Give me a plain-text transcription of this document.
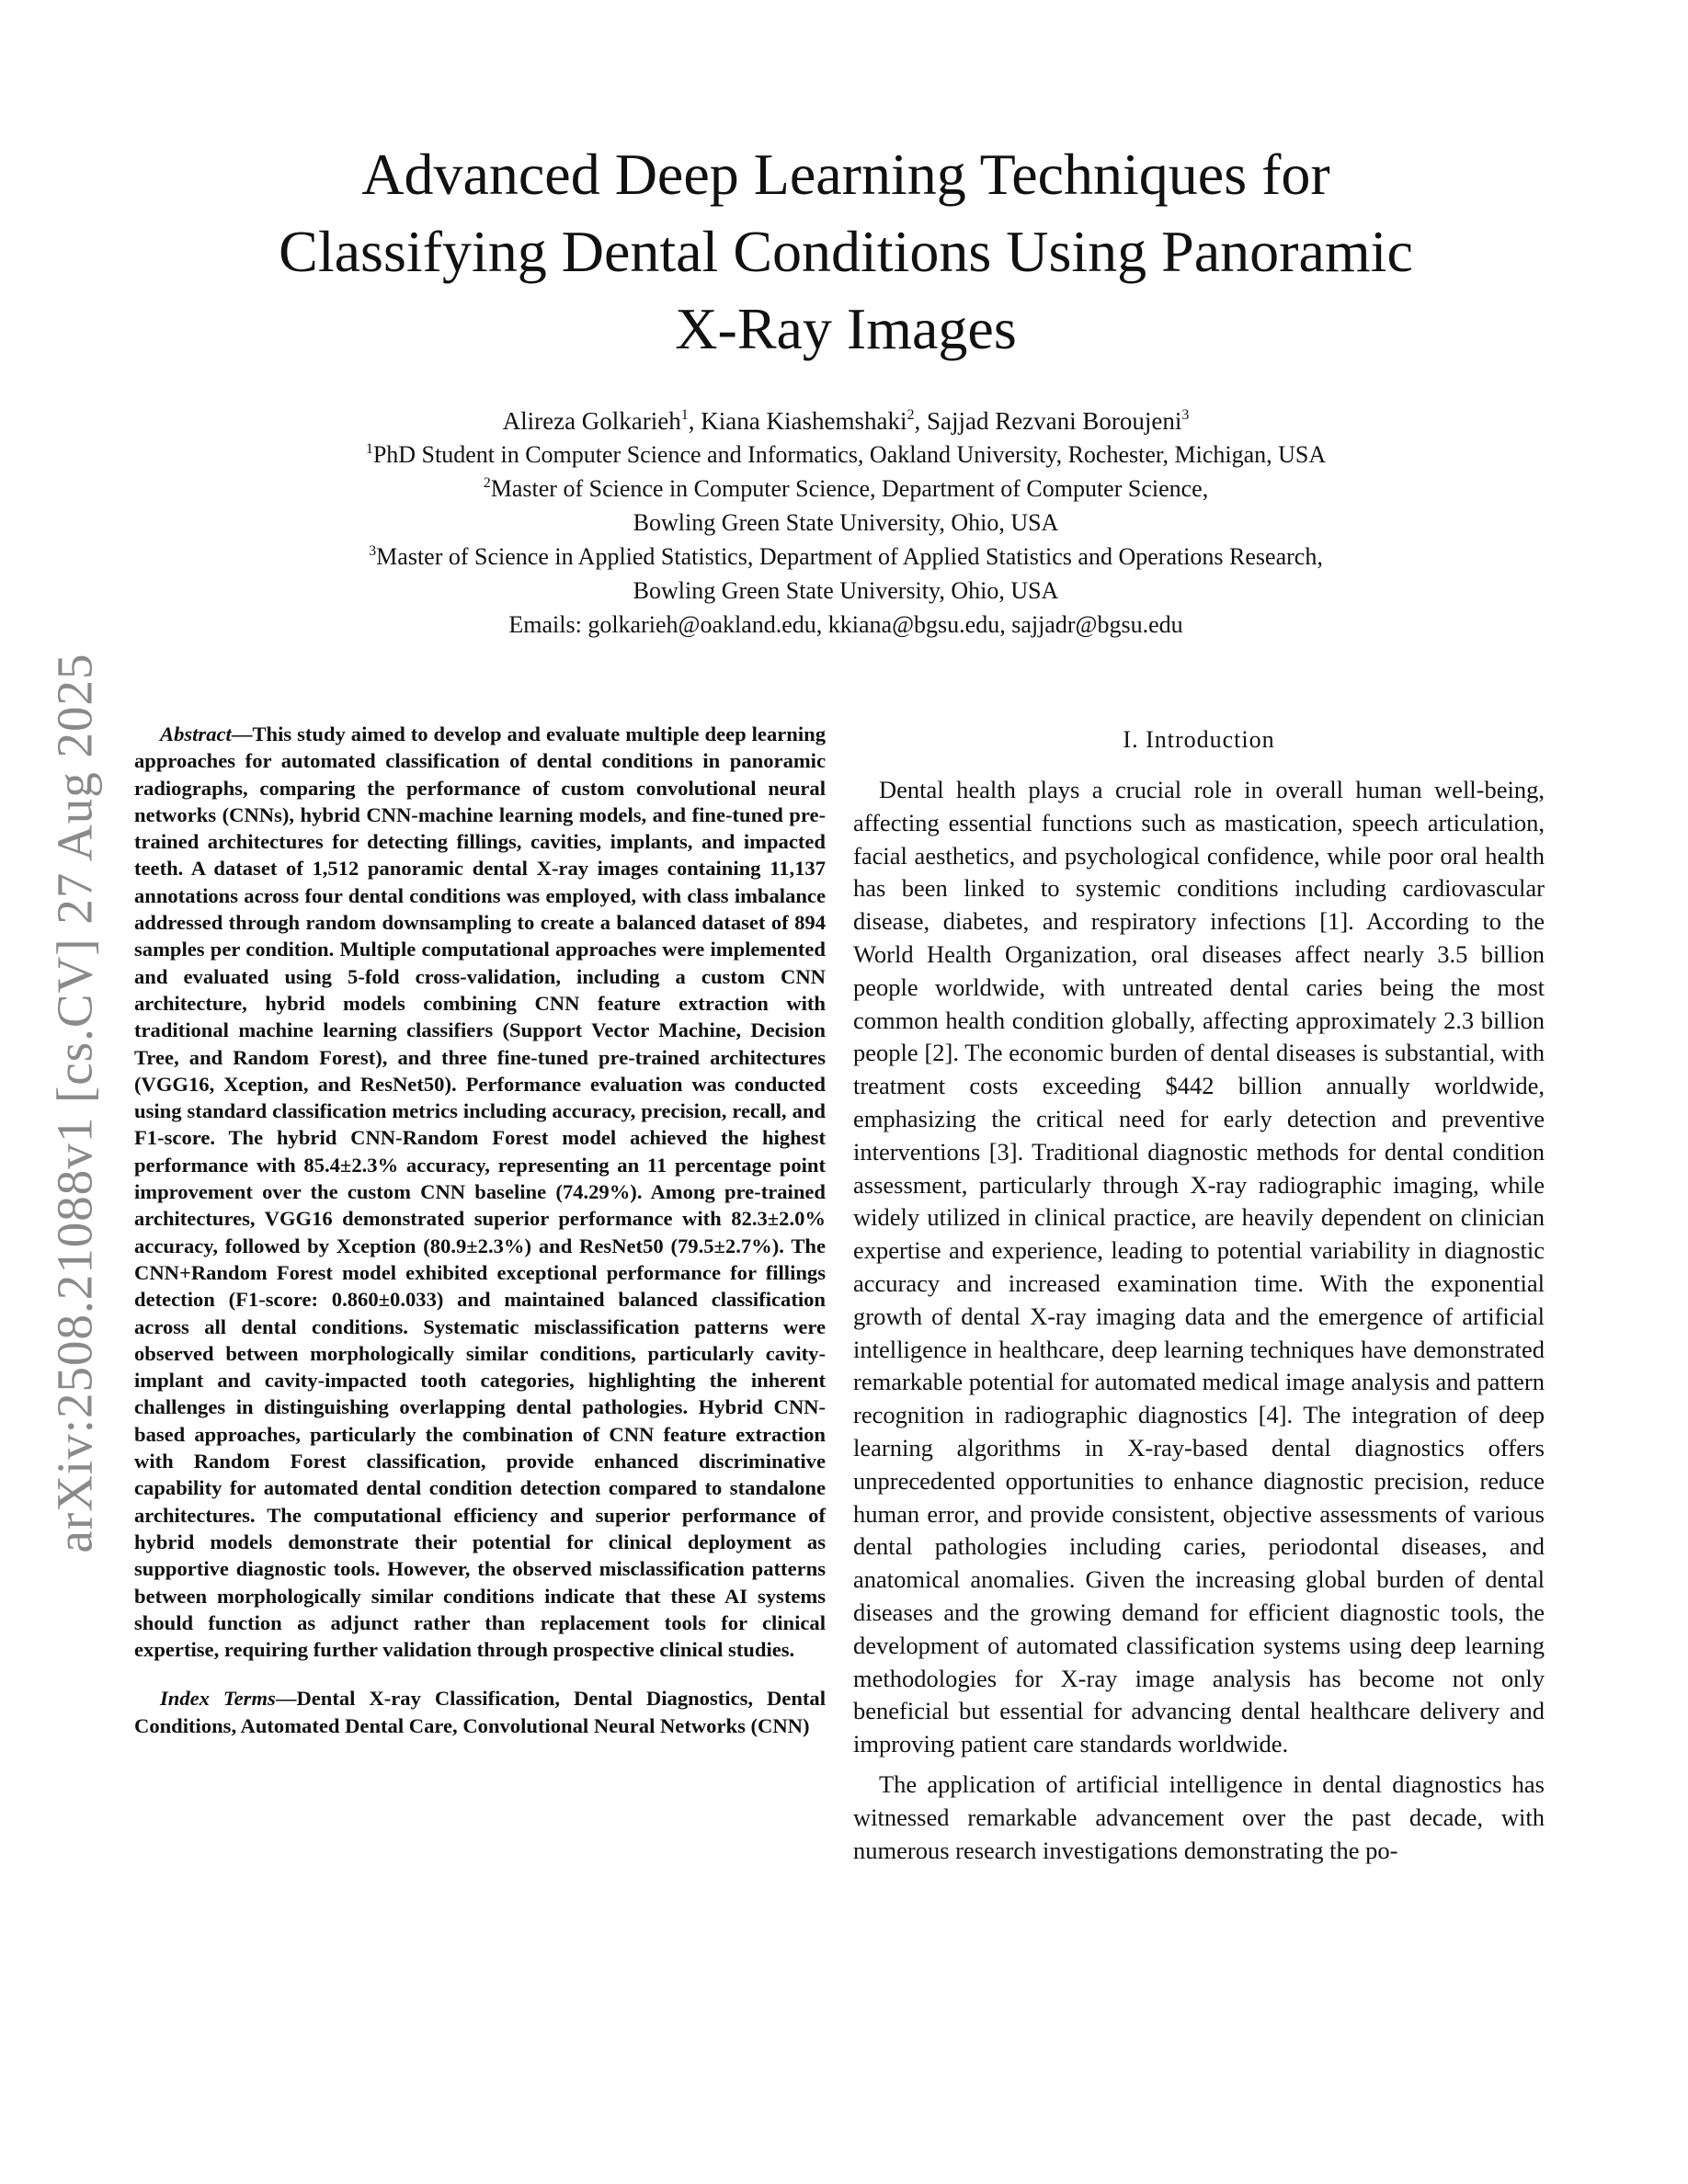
arXiv:2508.21088v1 [cs.CV] 27 Aug 2025
Advanced Deep Learning Techniques for
Classifying Dental Conditions Using Panoramic
X-Ray Images

Alireza Golkarieh$^1$, Kiana Kiashemshaki$^2$, Sajjad Rezvani Boroujeni$^3$

$^1$PhD Student in Computer Science and Informatics, Oakland University, Rochester, Michigan, USA

$^2$Master of Science in Computer Science, Department of Computer Science,
Bowling Green State University, Ohio, USA

$^3$Master of Science in Applied Statistics, Department of Applied Statistics and Operations Research,
Bowling Green State University, Ohio, USA

Emails: golkarieh@oakland.edu, kkiana@bgsu.edu, sajjadr@bgsu.edu

Abstract—This study aimed to develop and evaluate multiple deep learning approaches for automated classification of dental conditions in panoramic radiographs, comparing the performance of custom convolutional neural networks (CNNs), hybrid CNN-machine learning models, and fine-tuned pre-trained architectures for detecting fillings, cavities, implants, and impacted teeth. A dataset of 1,512 panoramic dental X-ray images containing 11,137 annotations across four dental conditions was employed, with class imbalance addressed through random downsampling to create a balanced dataset of 894 samples per condition. Multiple computational approaches were implemented and evaluated using 5-fold cross-validation, including a custom CNN architecture, hybrid models combining CNN feature extraction with traditional machine learning classifiers (Support Vector Machine, Decision Tree, and Random Forest), and three fine-tuned pre-trained architectures (VGG16, Xception, and ResNet50). Performance evaluation was conducted using standard classification metrics including accuracy, precision, recall, and F1-score. The hybrid CNN-Random Forest model achieved the highest performance with 85.4±2.3% accuracy, representing an 11 percentage point improvement over the custom CNN baseline (74.29%). Among pre-trained architectures, VGG16 demonstrated superior performance with 82.3±2.0% accuracy, followed by Xception (80.9±2.3%) and ResNet50 (79.5±2.7%). The CNN+Random Forest model exhibited exceptional performance for fillings detection (F1-score: 0.860±0.033) and maintained balanced classification across all dental conditions. Systematic misclassification patterns were observed between morphologically similar conditions, particularly cavity-implant and cavity-impacted tooth categories, highlighting the inherent challenges in distinguishing overlapping dental pathologies. Hybrid CNN-based approaches, particularly the combination of CNN feature extraction with Random Forest classification, provide enhanced discriminative capability for automated dental condition detection compared to standalone architectures. The computational efficiency and superior performance of hybrid models demonstrate their potential for clinical deployment as supportive diagnostic tools. However, the observed misclassification patterns between morphologically similar conditions indicate that these AI systems should function as adjunct rather than replacement tools for clinical expertise, requiring further validation through prospective clinical studies.

Index Terms—Dental X-ray Classification, Dental Diagnostics, Dental Conditions, Automated Dental Care, Convolutional Neural Networks (CNN)

I. Introduction

Dental health plays a crucial role in overall human well-being, affecting essential functions such as mastication, speech articulation, facial aesthetics, and psychological confidence, while poor oral health has been linked to systemic conditions including cardiovascular disease, diabetes, and respiratory infections [1]. According to the World Health Organization, oral diseases affect nearly 3.5 billion people worldwide, with untreated dental caries being the most common health condition globally, affecting approximately 2.3 billion people [2]. The economic burden of dental diseases is substantial, with treatment costs exceeding $442 billion annually worldwide, emphasizing the critical need for early detection and preventive interventions [3]. Traditional diagnostic methods for dental condition assessment, particularly through X-ray radiographic imaging, while widely utilized in clinical practice, are heavily dependent on clinician expertise and experience, leading to potential variability in diagnostic accuracy and increased examination time. With the exponential growth of dental X-ray imaging data and the emergence of artificial intelligence in healthcare, deep learning techniques have demonstrated remarkable potential for automated medical image analysis and pattern recognition in radiographic diagnostics [4]. The integration of deep learning algorithms in X-ray-based dental diagnostics offers unprecedented opportunities to enhance diagnostic precision, reduce human error, and provide consistent, objective assessments of various dental pathologies including caries, periodontal diseases, and anatomical anomalies. Given the increasing global burden of dental diseases and the growing demand for efficient diagnostic tools, the development of automated classification systems using deep learning methodologies for X-ray image analysis has become not only beneficial but essential for advancing dental healthcare delivery and improving patient care standards worldwide.

The application of artificial intelligence in dental diagnostics has witnessed remarkable advancement over the past decade, with numerous research investigations demonstrating the po-
